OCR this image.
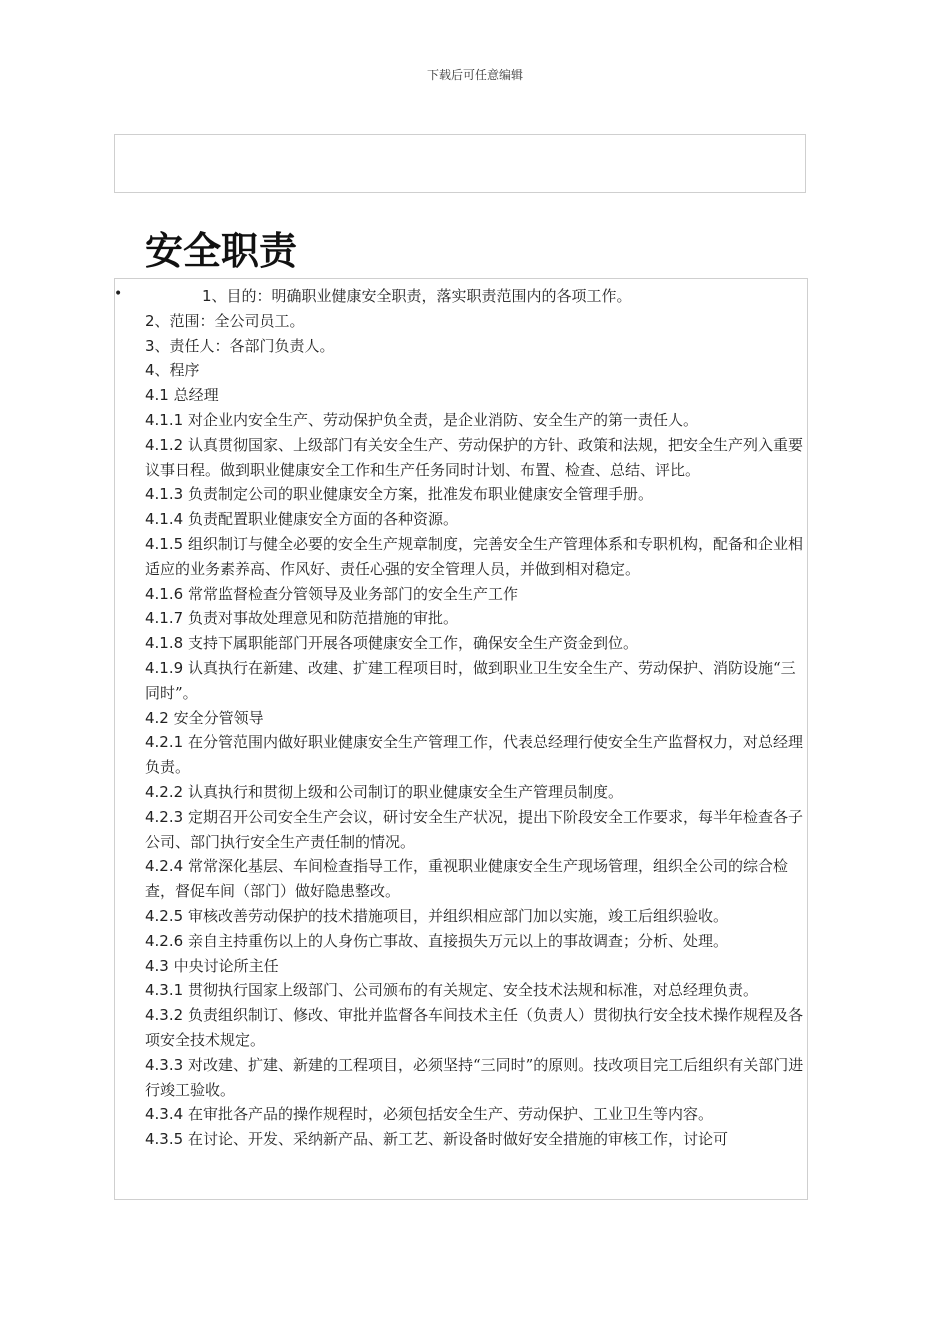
下载后可任意编辑
安全职责
•	1、目的：明确职业健康安全职责，落实职责范围内的各项工作。

2、范围：全公司员工。

3、责任人：各部门负责人。

4、程序

4.1 总经理

4.1.1 对企业内安全生产、劳动保护负全责，是企业消防、安全生产的第一责任人。

4.1.2 认真贯彻国家、上级部门有关安全生产、劳动保护的方针、政策和法规，把安全生产列入重要议事日程。做到职业健康安全工作和生产任务同时计划、布置、检查、总结、评比。

4.1.3 负责制定公司的职业健康安全方案，批准发布职业健康安全管理手册。

4.1.4 负责配置职业健康安全方面的各种资源。

4.1.5 组织制订与健全必要的安全生产规章制度，完善安全生产管理体系和专职机构，配备和企业相适应的业务素养高、作风好、责任心强的安全管理人员，并做到相对稳定。

4.1.6 常常监督检查分管领导及业务部门的安全生产工作

4.1.7 负责对事故处理意见和防范措施的审批。

4.1.8 支持下属职能部门开展各项健康安全工作，确保安全生产资金到位。

4.1.9 认真执行在新建、改建、扩建工程项目时，做到职业卫生安全生产、劳动保护、消防设施“三同时”。

4.2 安全分管领导

4.2.1 在分管范围内做好职业健康安全生产管理工作，代表总经理行使安全生产监督权力，对总经理负责。

4.2.2 认真执行和贯彻上级和公司制订的职业健康安全生产管理员制度。

4.2.3 定期召开公司安全生产会议，研讨安全生产状况，提出下阶段安全工作要求，每半年检查各子公司、部门执行安全生产责任制的情况。

4.2.4 常常深化基层、车间检查指导工作，重视职业健康安全生产现场管理，组织全公司的综合检查，督促车间（部门）做好隐患整改。

4.2.5 审核改善劳动保护的技术措施项目，并组织相应部门加以实施，竣工后组织验收。

4.2.6 亲自主持重伤以上的人身伤亡事故、直接损失万元以上的事故调查；分析、处理。

4.3 中央讨论所主任

4.3.1 贯彻执行国家上级部门、公司颁布的有关规定、安全技术法规和标准，对总经理负责。

4.3.2 负责组织制订、修改、审批并监督各车间技术主任（负责人）贯彻执行安全技术操作规程及各项安全技术规定。

4.3.3 对改建、扩建、新建的工程项目，必须坚持“三同时”的原则。技改项目完工后组织有关部门进行竣工验收。

4.3.4 在审批各产品的操作规程时，必须包括安全生产、劳动保护、工业卫生等内容。

4.3.5 在讨论、开发、采纳新产品、新工艺、新设备时做好安全措施的审核工作，讨论可
